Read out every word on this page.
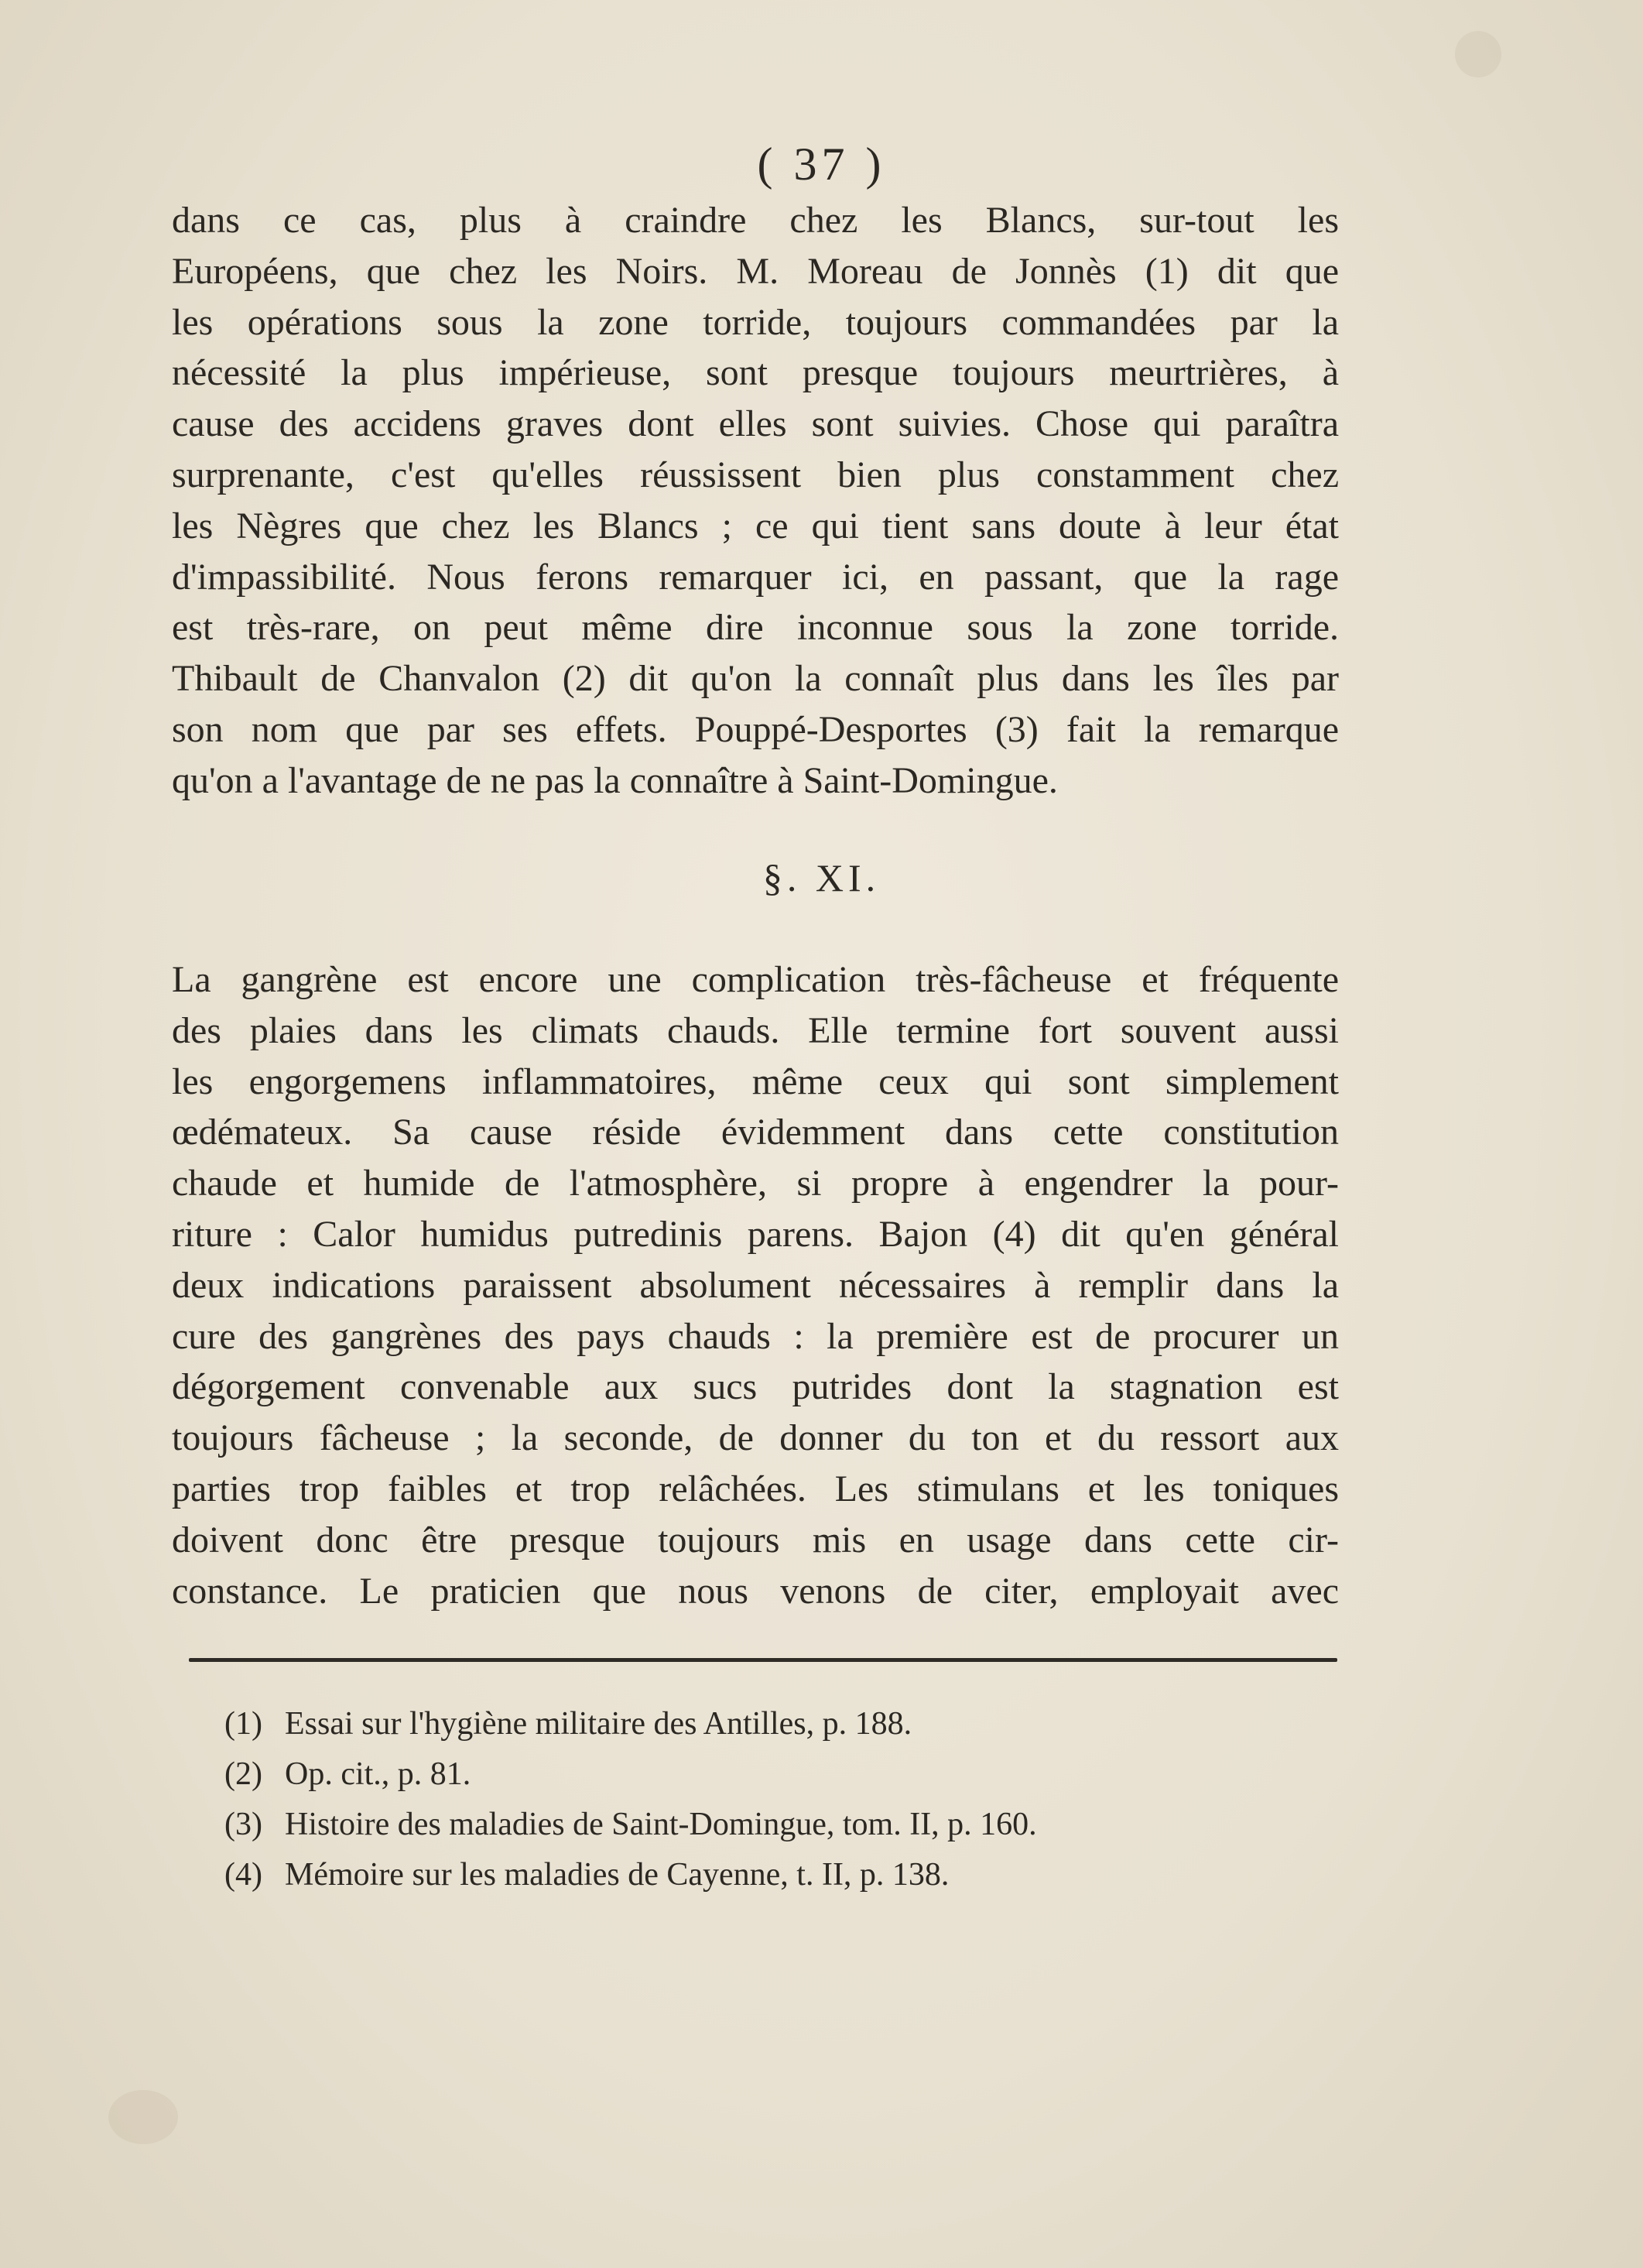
( 37 )
dans ce cas, plus à craindre chez les Blancs, sur-tout les
Européens, que chez les Noirs. M. Moreau de Jonnès (1) dit que
les opérations sous la zone torride, toujours commandées par la
nécessité la plus impérieuse, sont presque toujours meurtrières, à
cause des accidens graves dont elles sont suivies. Chose qui paraîtra
surprenante, c'est qu'elles réussissent bien plus constamment chez
les Nègres que chez les Blancs ; ce qui tient sans doute à leur état
d'impassibilité. Nous ferons remarquer ici, en passant, que la rage
est très-rare, on peut même dire inconnue sous la zone torride.
Thibault de Chanvalon (2) dit qu'on la connaît plus dans les îles par
son nom que par ses effets. Pouppé-Desportes (3) fait la remarque
qu'on a l'avantage de ne pas la connaître à Saint-Domingue.
§. XI.
La gangrène est encore une complication très-fâcheuse et fréquente
des plaies dans les climats chauds. Elle termine fort souvent aussi
les engorgemens inflammatoires, même ceux qui sont simplement
œdémateux. Sa cause réside évidemment dans cette constitution
chaude et humide de l'atmosphère, si propre à engendrer la pour-
riture : Calor humidus putredinis parens. Bajon (4) dit qu'en général
deux indications paraissent absolument nécessaires à remplir dans la
cure des gangrènes des pays chauds : la première est de procurer un
dégorgement convenable aux sucs putrides dont la stagnation est
toujours fâcheuse ; la seconde, de donner du ton et du ressort aux
parties trop faibles et trop relâchées. Les stimulans et les toniques
doivent donc être presque toujours mis en usage dans cette cir-
constance. Le praticien que nous venons de citer, employait avec
(1) Essai sur l'hygiène militaire des Antilles, p. 188.
(2) Op. cit., p. 81.
(3) Histoire des maladies de Saint-Domingue, tom. II, p. 160.
(4) Mémoire sur les maladies de Cayenne, t. II, p. 138.
